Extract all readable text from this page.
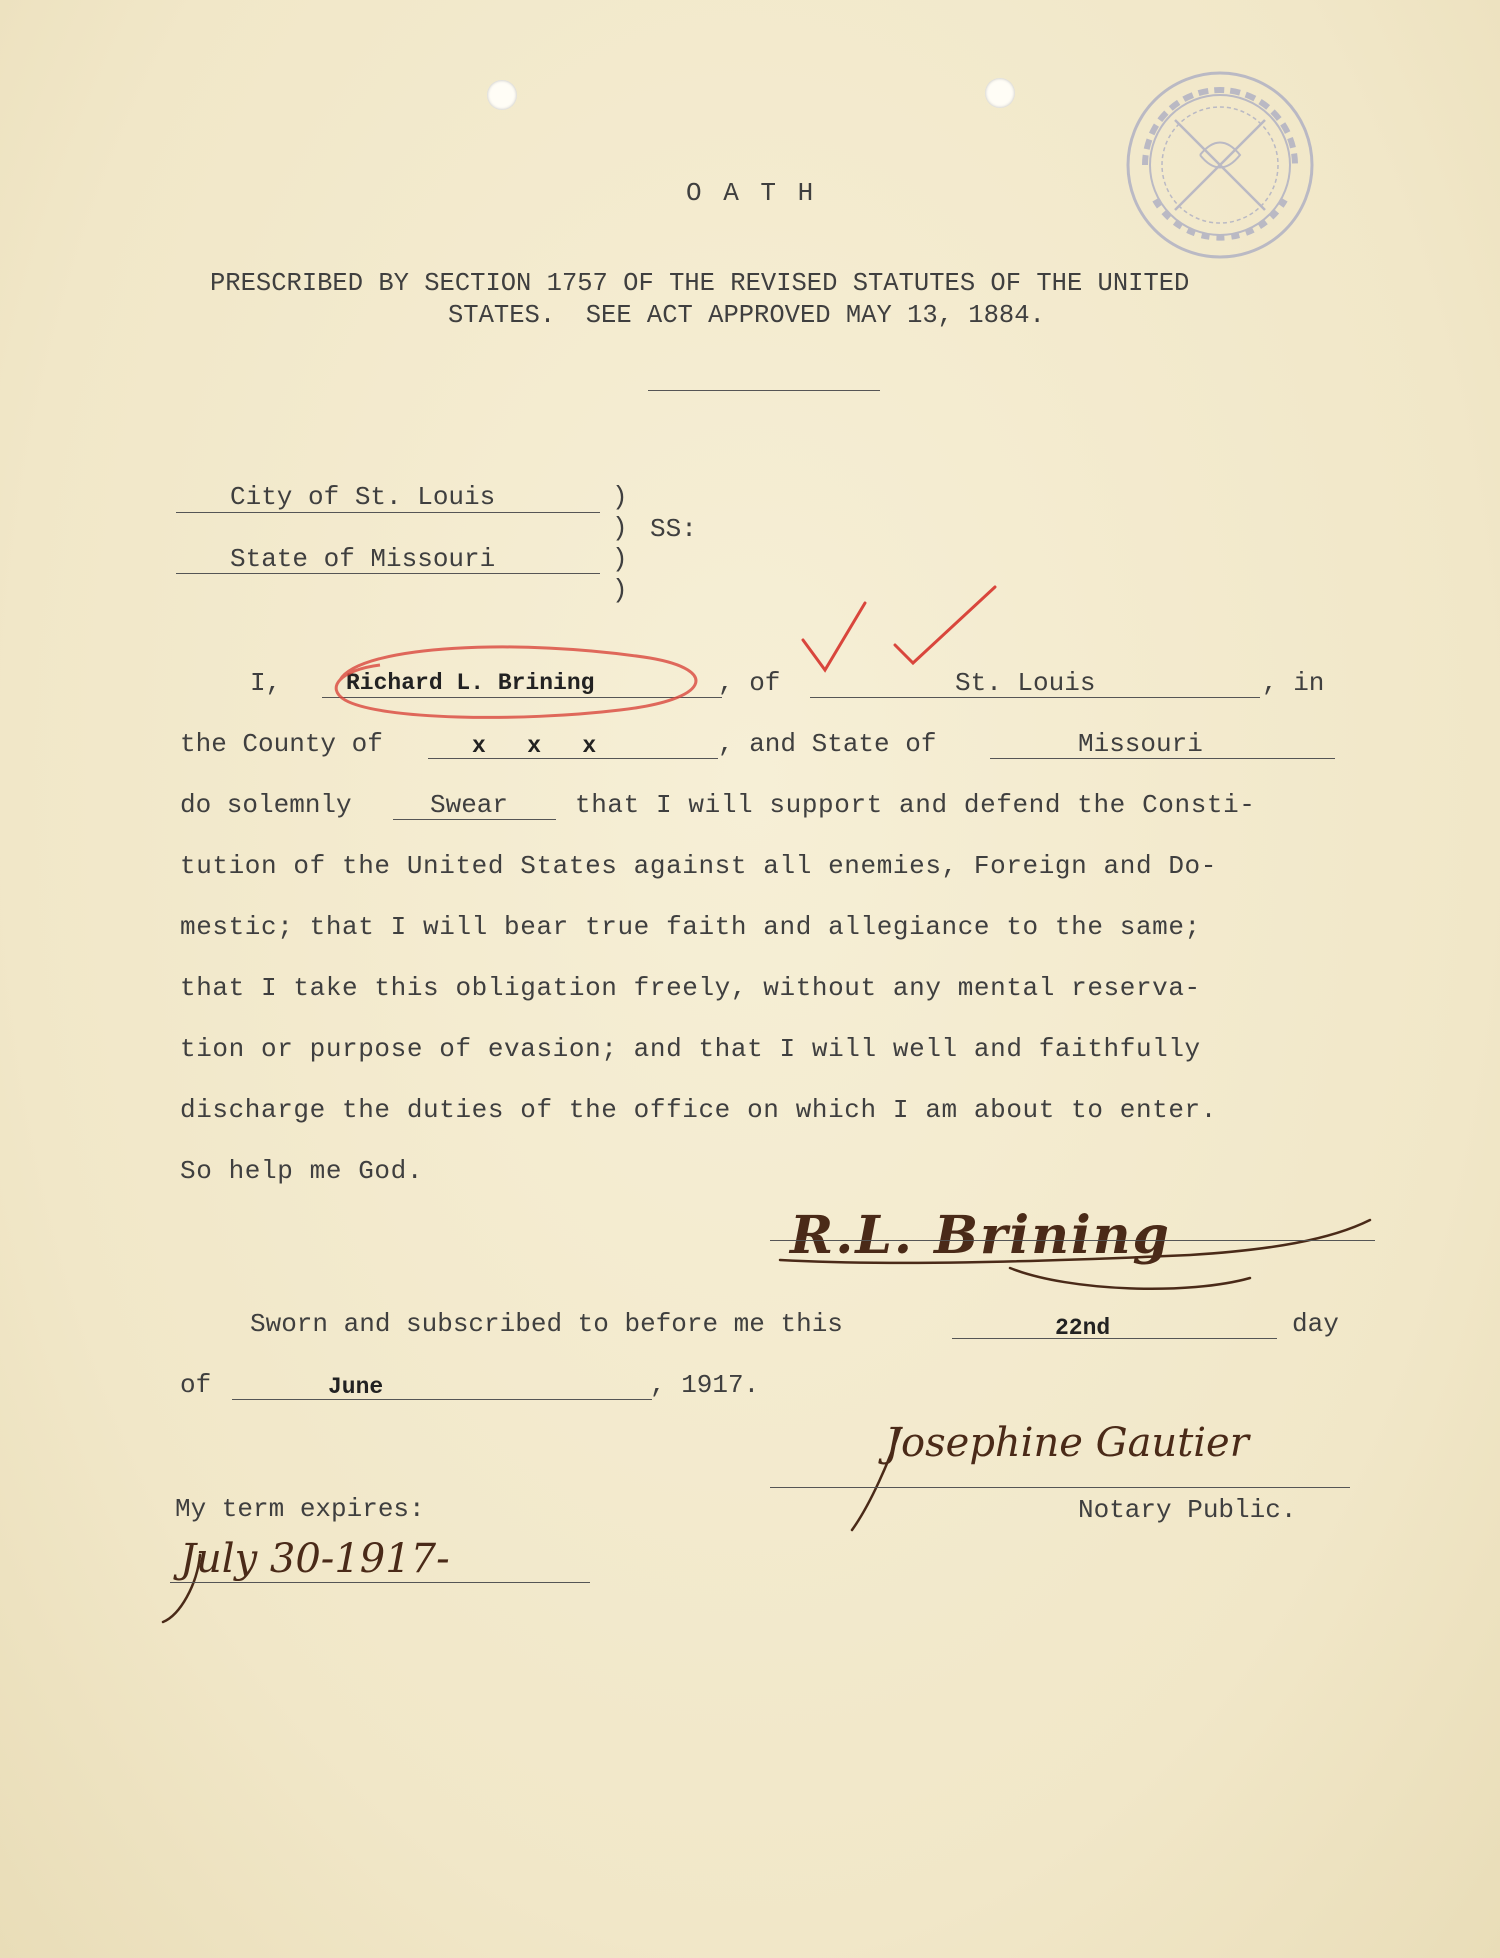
O A T H
PRESCRIBED BY SECTION 1757 OF THE REVISED STATUTES OF THE UNITED
STATES.  SEE ACT APPROVED MAY 13, 1884.
City of St. Louis
State of Missouri
)
)
)
)
SS:
I,	Richard L. Brining	, of	St. Louis	, in
the County of	x   x   x	, and State of	Missouri
do solemnly	Swear	that I will support and defend the Consti-
tution of the United States against all enemies, Foreign and Do-
mestic; that I will bear true faith and allegiance to the same;
that I take this obligation freely, without any mental reserva-
tion or purpose of evasion; and that I will well and faithfully
discharge the duties of the office on which I am about to enter.
So help me God.
R.L. Brining
Sworn and subscribed to before me this	22nd	day
of	June	, 1917.
Josephine Gautier
Notary Public.
My term expires:
July 30-1917-
